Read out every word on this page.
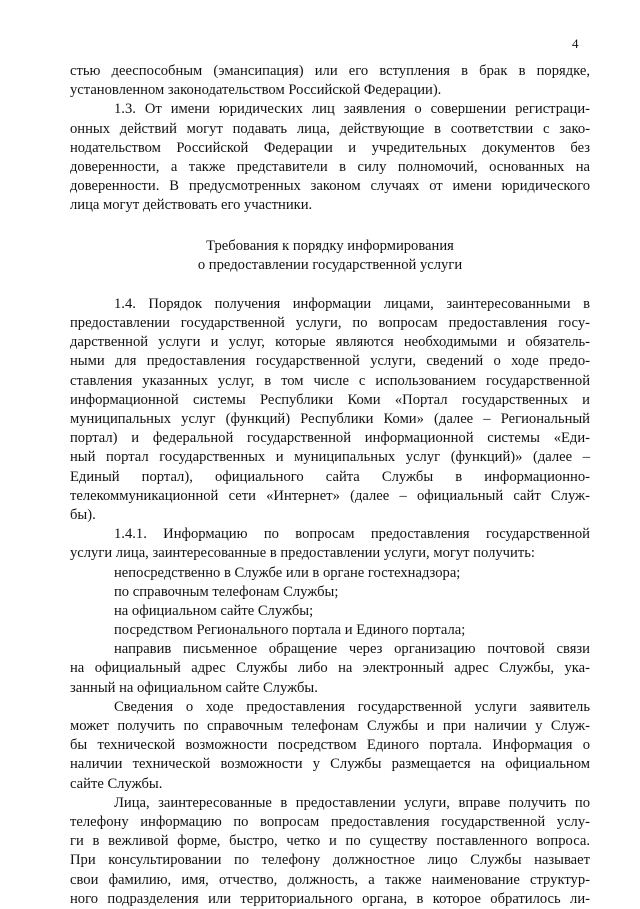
4
стью дееспособным (эмансипация) или его вступления в брак в порядке,
установленном законодательством Российской Федерации).
1.3. От имени юридических лиц заявления о совершении регистраци-
онных действий могут подавать лица, действующие в соответствии с зако-
нодательством Российской Федерации и учредительных документов без
доверенности, а также представители в силу полномочий, основанных на
доверенности. В предусмотренных законом случаях от имени юридического
лица могут действовать его участники.
Требования к порядку информирования
о предоставлении государственной услуги
1.4. Порядок получения информации лицами, заинтересованными в
предоставлении государственной услуги, по вопросам предоставления госу-
дарственной услуги и услуг, которые являются необходимыми и обязатель-
ными для предоставления государственной услуги, сведений о ходе предо-
ставления указанных услуг, в том числе с использованием государственной
информационной системы Республики Коми «Портал государственных и
муниципальных услуг (функций) Республики Коми» (далее – Региональный
портал) и федеральной государственной информационной системы «Еди-
ный портал государственных и муниципальных услуг (функций)» (далее –
Единый портал), официального сайта Службы в информационно-
телекоммуникационной сети «Интернет» (далее – официальный сайт Служ-
бы).
1.4.1. Информацию по вопросам предоставления государственной
услуги лица, заинтересованные в предоставлении услуги, могут получить:
непосредственно в Службе или в органе гостехнадзора;
по справочным телефонам Службы;
на официальном сайте Службы;
посредством Регионального портала и Единого портала;
направив письменное обращение через организацию почтовой связи
на официальный адрес Службы либо на электронный адрес Службы, ука-
занный на официальном сайте Службы.
Сведения о ходе предоставления государственной услуги заявитель
может получить по справочным телефонам Службы и при наличии у Служ-
бы технической возможности посредством Единого портала. Информация о
наличии технической возможности у Службы размещается на официальном
сайте Службы.
Лица, заинтересованные в предоставлении услуги, вправе получить по
телефону информацию по вопросам предоставления государственной услу-
ги в вежливой форме, быстро, четко и по существу поставленного вопроса.
При консультировании по телефону должностное лицо Службы называет
свои фамилию, имя, отчество, должность, а также наименование структур-
ного подразделения или территориального органа, в которое обратилось ли-
